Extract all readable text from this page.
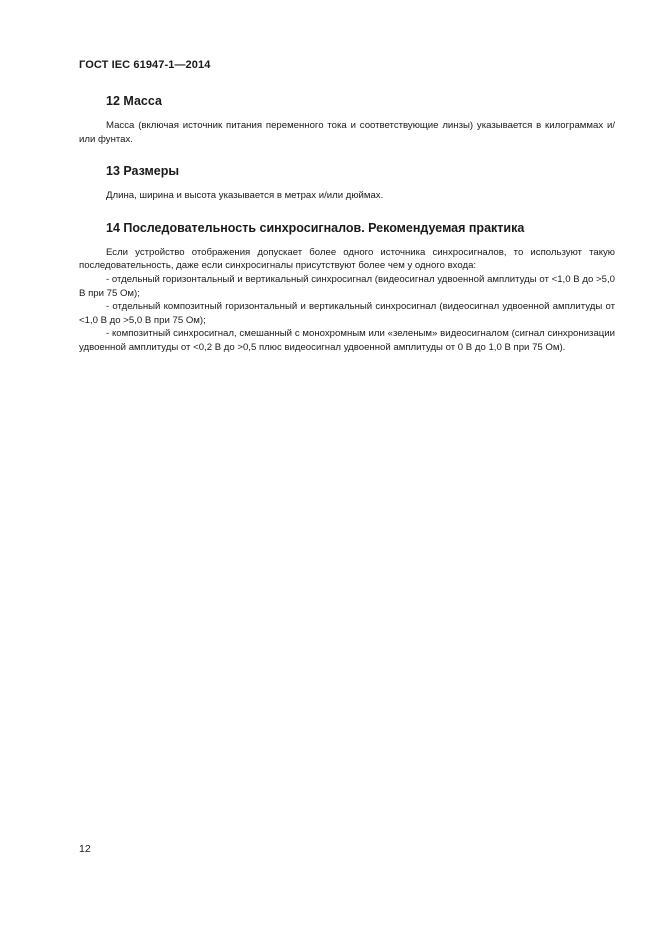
ГОСТ IEC 61947-1—2014
12 Масса

Масса (включая источник питания переменного тока и соответствующие линзы) указывается в килограммах и/или фунтах.

13 Размеры

Длина, ширина и высота указывается в метрах и/или дюймах.

14 Последовательность синхросигналов. Рекомендуемая практика

Если устройство отображения допускает более одного источника синхросигналов, то используют такую последовательность, даже если синхросигналы присутствуют более чем у одного входа:

- отдельный горизонтальный и вертикальный синхросигнал (видеосигнал удвоенной амплитуды от <1,0 В до >5,0 В при 75 Ом);

- отдельный композитный горизонтальный и вертикальный синхросигнал (видеосигнал удвоенной амплитуды от <1,0 В до >5,0 В при 75 Ом);

- композитный синхросигнал, смешанный с монохромным или «зеленым» видеосигналом (сигнал синхронизации удвоенной амплитуды от <0,2 В до >0,5 плюс видеосигнал удвоенной амплитуды от 0 В до 1,0 В при 75 Ом).

12
